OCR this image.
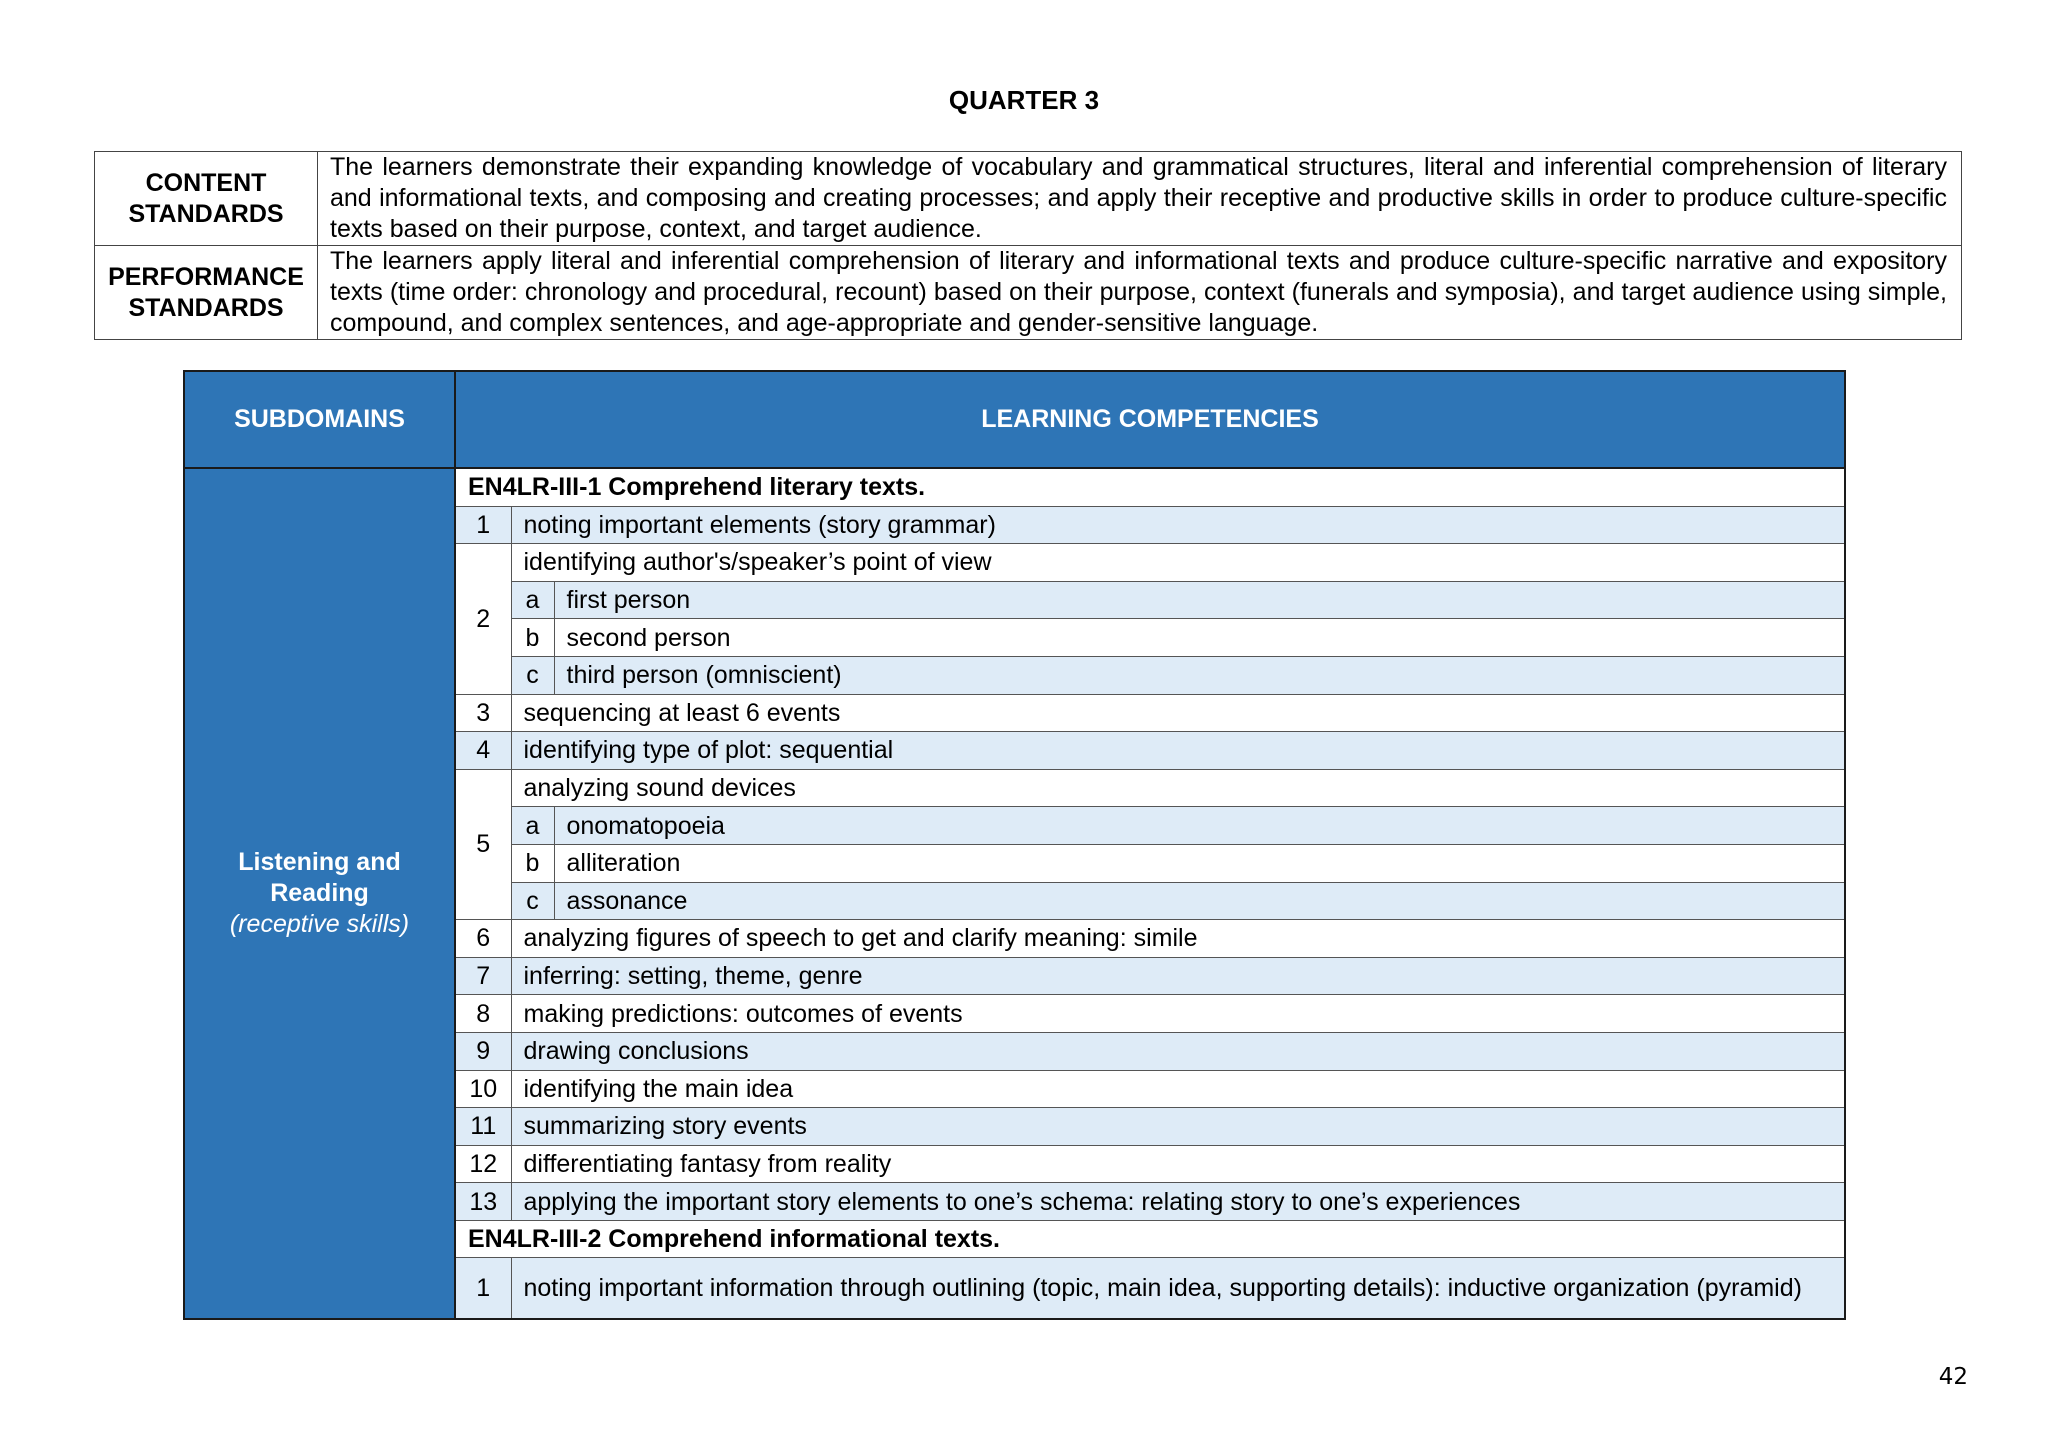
QUARTER 3
CONTENT
STANDARDS	The learners demonstrate their expanding knowledge of vocabulary and grammatical structures, literal and inferential comprehension of literary and informational texts, and composing and creating processes; and apply their receptive and productive skills in order to produce culture-specific texts based on their purpose, context, and target audience.
PERFORMANCE
STANDARDS	The learners apply literal and inferential comprehension of literary and informational texts and produce culture-specific narrative and expository texts (time order: chronology and procedural, recount) based on their purpose, context (funerals and symposia), and target audience using simple, compound, and complex sentences, and age-appropriate and gender-sensitive language.
SUBDOMAINS	LEARNING COMPETENCIES		

Listening and
Reading
(receptive skills)	EN4LR-III-1 Comprehend literary texts.		
	1	noting important elements (story grammar)	
	2	identifying author's/speaker’s point of view	
		a	first person
		b	second person
		c	third person (omniscient)
	3	sequencing at least 6 events	
	4	identifying type of plot: sequential	
	5	analyzing sound devices	
		a	onomatopoeia
		b	alliteration
		c	assonance
	6	analyzing figures of speech to get and clarify meaning: simile	
	7	inferring: setting, theme, genre	
	8	making predictions: outcomes of events	
	9	drawing conclusions	
	10	identifying the main idea	
	11	summarizing story events	
	12	differentiating fantasy from reality	
	13	applying the important story elements to one’s schema: relating story to one’s experiences	
	EN4LR-III-2 Comprehend informational texts.		
	1	noting important information through outlining (topic, main idea, supporting details): inductive organization (pyramid)	
42
